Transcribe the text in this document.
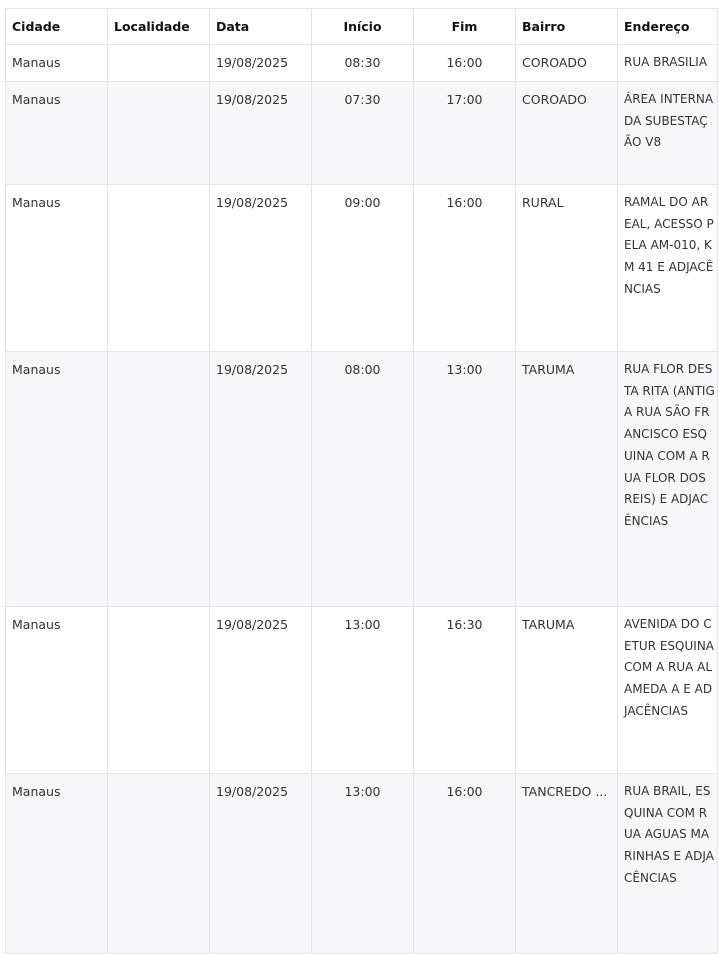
Cidade	Localidade	Data	Início	Fim	Bairro	Endereço
Manaus		19/08/2025	08:30	16:00	COROADO	RUA BRASILIA
Manaus		19/08/2025	07:30	17:00	COROADO	ÁREA INTERNA DA SUBESTAÇÃO V8
Manaus		19/08/2025	09:00	16:00	RURAL	RAMAL DO AREAL, ACESSO PELA AM-010, KM 41 E ADJACÊNCIAS
Manaus		19/08/2025	08:00	13:00	TARUMA	RUA FLOR DESTA RITA (ANTIGA RUA SÃO FRANCISCO ESQUINA COM A RUA FLOR DOS REIS) E ADJACÊNCIAS
Manaus		19/08/2025	13:00	16:30	TARUMA	AVENIDA DO CETUR ESQUINA COM A RUA ALAMEDA A E ADJACÊNCIAS
Manaus		19/08/2025	13:00	16:00	TANCREDO ...	RUA BRAIL, ESQUINA COM RUA AGUAS MARINHAS E ADJACÊNCIAS
